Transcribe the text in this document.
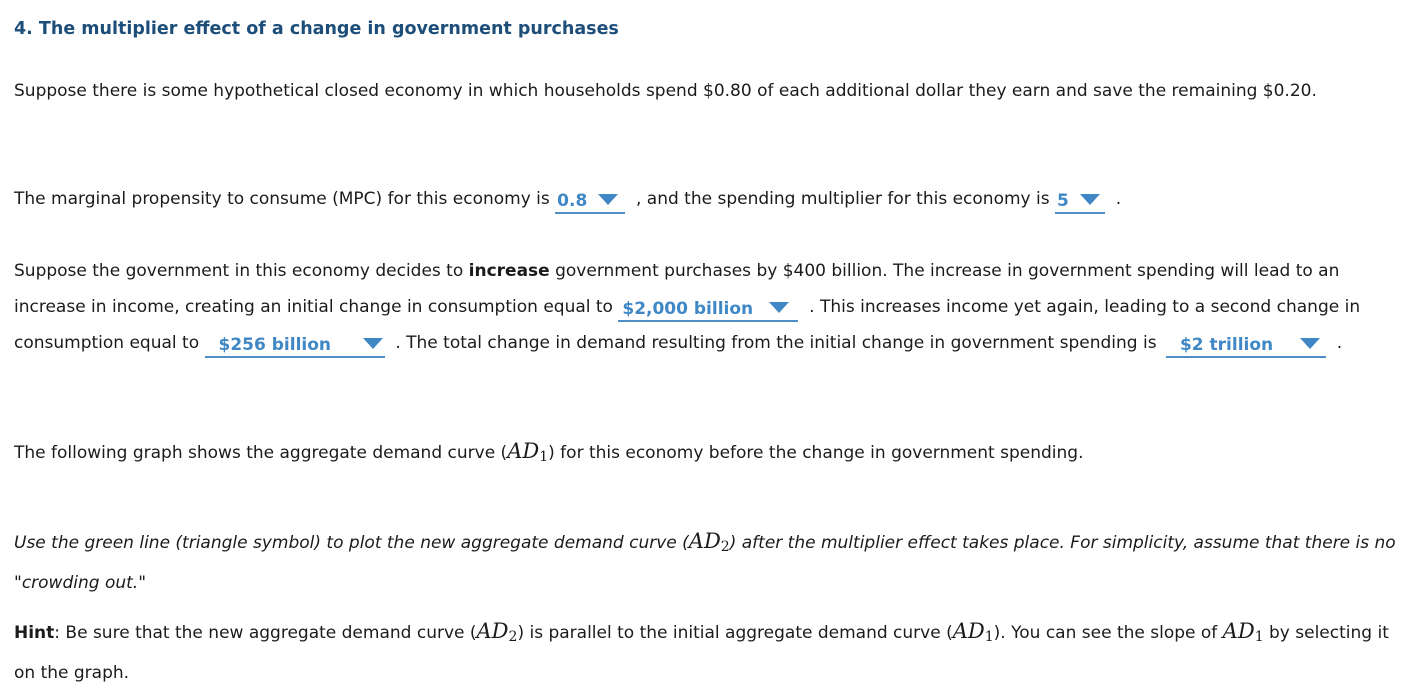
4. The multiplier effect of a change in government purchases

Suppose there is some hypothetical closed economy in which households spend $0.80 of each additional dollar they earn and save the remaining $0.20.

The marginal propensity to consume (MPC) for this economy is 0.8	, and the spending multiplier for this economy is 5	.

Suppose the government in this economy decides to increase government purchases by $400 billion. The increase in government spending will lead to an increase in income, creating an initial change in consumption equal to $2,000 billion	. This increases income yet again, leading to a second change in consumption equal to $256 billion	. The total change in demand resulting from the initial change in government spending is $2 trillion	.

The following graph shows the aggregate demand curve $(AD_1)$ for this economy before the change in government spending.

Use the green line (triangle symbol) to plot the new aggregate demand curve $(AD_2)$ after the multiplier effect takes place. For simplicity, assume that there is no "crowding out."

Hint: Be sure that the new aggregate demand curve $(AD_2)$ is parallel to the initial aggregate demand curve $(AD_1)$. You can see the slope of $AD_1$ by selecting it on the graph.
